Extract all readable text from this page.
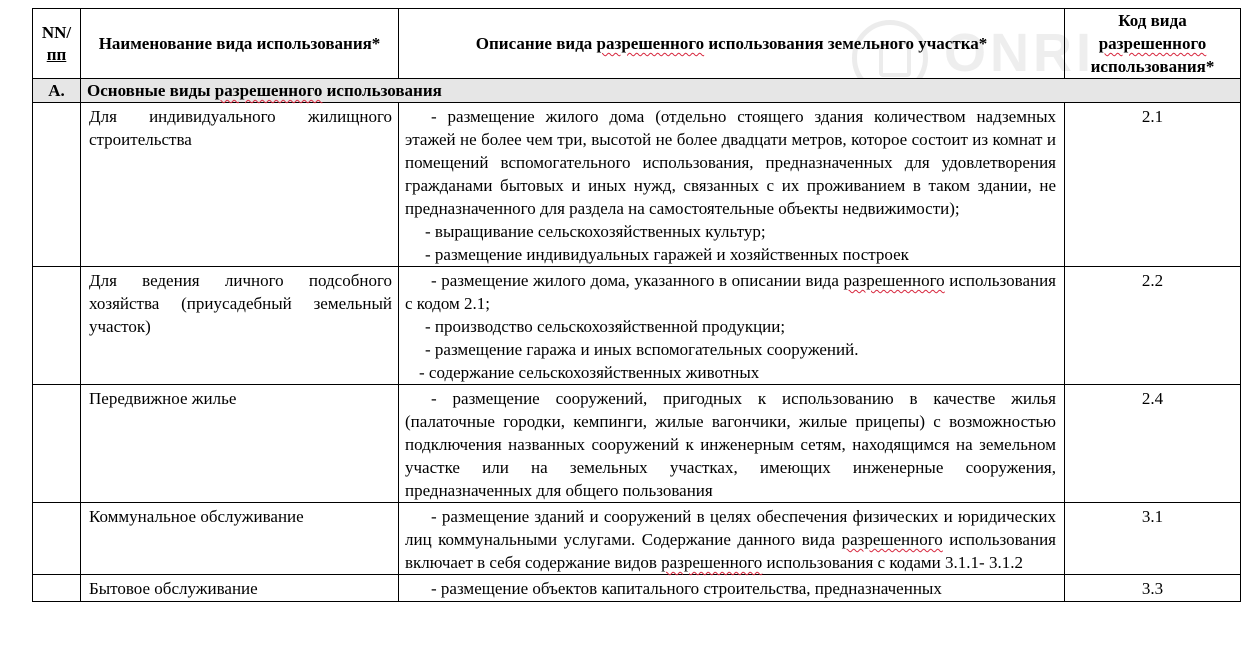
ONRI
NN/
пп	Наименование вида использования*	Описание вида разрешенного использования земельного участка*	Код вида
разрешенного
использования*
А.	Основные виды разрешенного использования		
	Для индивидуального жилищного строительства	- размещение жилого дома (отдельно стоящего здания количеством надземных этажей не более чем три, высотой не более двадцати метров, которое состоит из комнат и помещений вспомогательного использования, предназначенных для удовлетворения гражданами бытовых и иных нужд, связанных с их проживанием в таком здании, не предназначенного для раздела на самостоятельные объекты недвижимости);

- выращивание сельскохозяйственных культур;

- размещение индивидуальных гаражей и хозяйственных построек	2.1
	Для ведения личного подсобного хозяйства (приусадебный земельный участок)	- размещение жилого дома, указанного в описании вида разрешенного использования с кодом 2.1;

- производство сельскохозяйственной продукции;

- размещение гаража и иных вспомогательных сооружений.

- содержание сельскохозяйственных животных	2.2
	Передвижное жилье	- размещение сооружений, пригодных к использованию в качестве жилья (палаточные городки, кемпинги, жилые вагончики, жилые прицепы) с возможностью подключения названных сооружений к инженерным сетям, находящимся на земельном участке или на земельных участках, имеющих инженерные сооружения, предназначенных для общего пользования	2.4
	Коммунальное обслуживание	- размещение зданий и сооружений в целях обеспечения физических и юридических лиц коммунальными услугами. Содержание данного вида разрешенного использования включает в себя содержание видов разрешенного использования с кодами 3.1.1- 3.1.2	3.1
	Бытовое обслуживание	- размещение объектов капитального строительства, предназначенных	3.3
